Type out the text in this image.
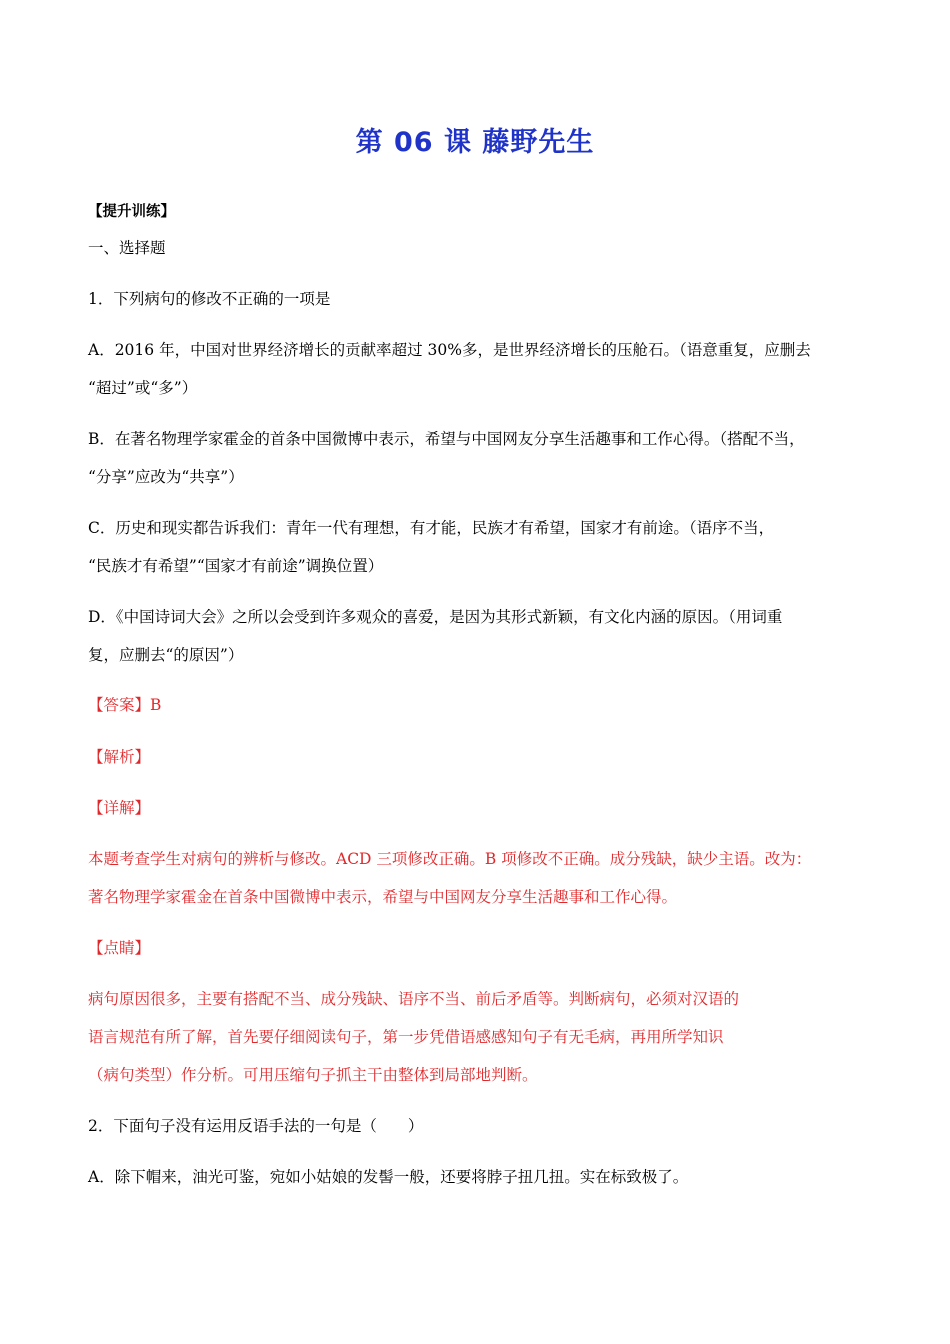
第 06 课 藤野先生
【提升训练】
一、选择题
1．下列病句的修改不正确的一项是
A．2016 年，中国对世界经济增长的贡献率超过 30%多，是世界经济增长的压舱石。（语意重复，应删去
“超过”或“多”）
B．在著名物理学家霍金的首条中国微博中表示，希望与中国网友分享生活趣事和工作心得。（搭配不当，
“分享”应改为“共享”）
C．历史和现实都告诉我们：青年一代有理想，有才能，民族才有希望，国家才有前途。（语序不当，
“民族才有希望”“国家才有前途”调换位置）
D．《中国诗词大会》之所以会受到许多观众的喜爱，是因为其形式新颖，有文化内涵的原因。（用词重
复，应删去“的原因”）
【答案】B
【解析】
【详解】
本题考查学生对病句的辨析与修改。ACD 三项修改正确。B 项修改不正确。成分残缺，缺少主语。改为：
著名物理学家霍金在首条中国微博中表示，希望与中国网友分享生活趣事和工作心得。
【点睛】
病句原因很多，主要有搭配不当、成分残缺、语序不当、前后矛盾等。判断病句，必须对汉语的
语言规范有所了解，首先要仔细阅读句子，第一步凭借语感感知句子有无毛病，再用所学知识
（病句类型）作分析。可用压缩句子抓主干由整体到局部地判断。
2．下面句子没有运用反语手法的一句是（　　）
A．除下帽来，油光可鉴，宛如小姑娘的发髻一般，还要将脖子扭几扭。实在标致极了。
